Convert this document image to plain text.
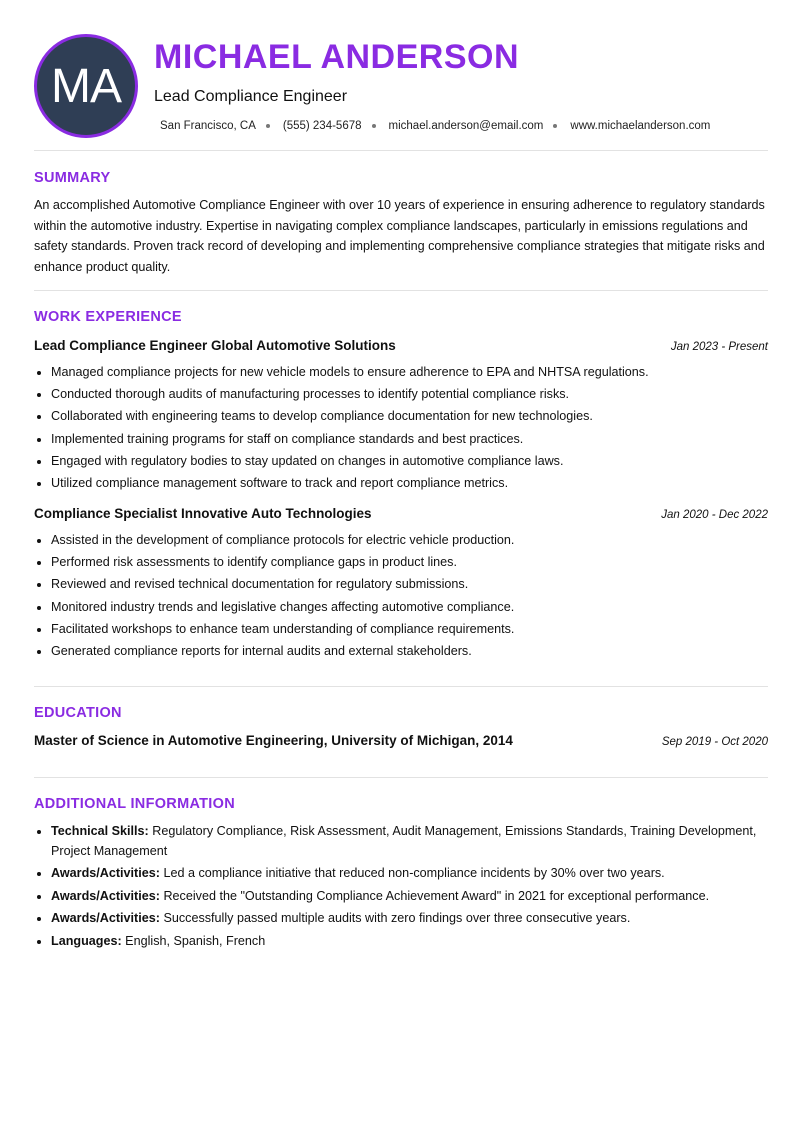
MA
MICHAEL ANDERSON
Lead Compliance Engineer
San Francisco, CA (555) 234-5678 michael.anderson@email.com www.michaelanderson.com
SUMMARY
An accomplished Automotive Compliance Engineer with over 10 years of experience in ensuring adherence to regulatory standards within the automotive industry. Expertise in navigating complex compliance landscapes, particularly in emissions regulations and safety standards. Proven track record of developing and implementing comprehensive compliance strategies that mitigate risks and enhance product quality.
WORK EXPERIENCE
Lead Compliance Engineer Global Automotive Solutions	Jan 2023 - Present
• Managed compliance projects for new vehicle models to ensure adherence to EPA and NHTSA regulations.
• Conducted thorough audits of manufacturing processes to identify potential compliance risks.
• Collaborated with engineering teams to develop compliance documentation for new technologies.
• Implemented training programs for staff on compliance standards and best practices.
• Engaged with regulatory bodies to stay updated on changes in automotive compliance laws.
• Utilized compliance management software to track and report compliance metrics.
Compliance Specialist Innovative Auto Technologies	Jan 2020 - Dec 2022
• Assisted in the development of compliance protocols for electric vehicle production.
• Performed risk assessments to identify compliance gaps in product lines.
• Reviewed and revised technical documentation for regulatory submissions.
• Monitored industry trends and legislative changes affecting automotive compliance.
• Facilitated workshops to enhance team understanding of compliance requirements.
• Generated compliance reports for internal audits and external stakeholders.
EDUCATION
Master of Science in Automotive Engineering, University of Michigan, 2014	Sep 2019 - Oct 2020
ADDITIONAL INFORMATION
• Technical Skills: Regulatory Compliance, Risk Assessment, Audit Management, Emissions Standards, Training Development, Project Management
• Awards/Activities: Led a compliance initiative that reduced non-compliance incidents by 30% over two years.
• Awards/Activities: Received the "Outstanding Compliance Achievement Award" in 2021 for exceptional performance.
• Awards/Activities: Successfully passed multiple audits with zero findings over three consecutive years.
• Languages: English, Spanish, French
